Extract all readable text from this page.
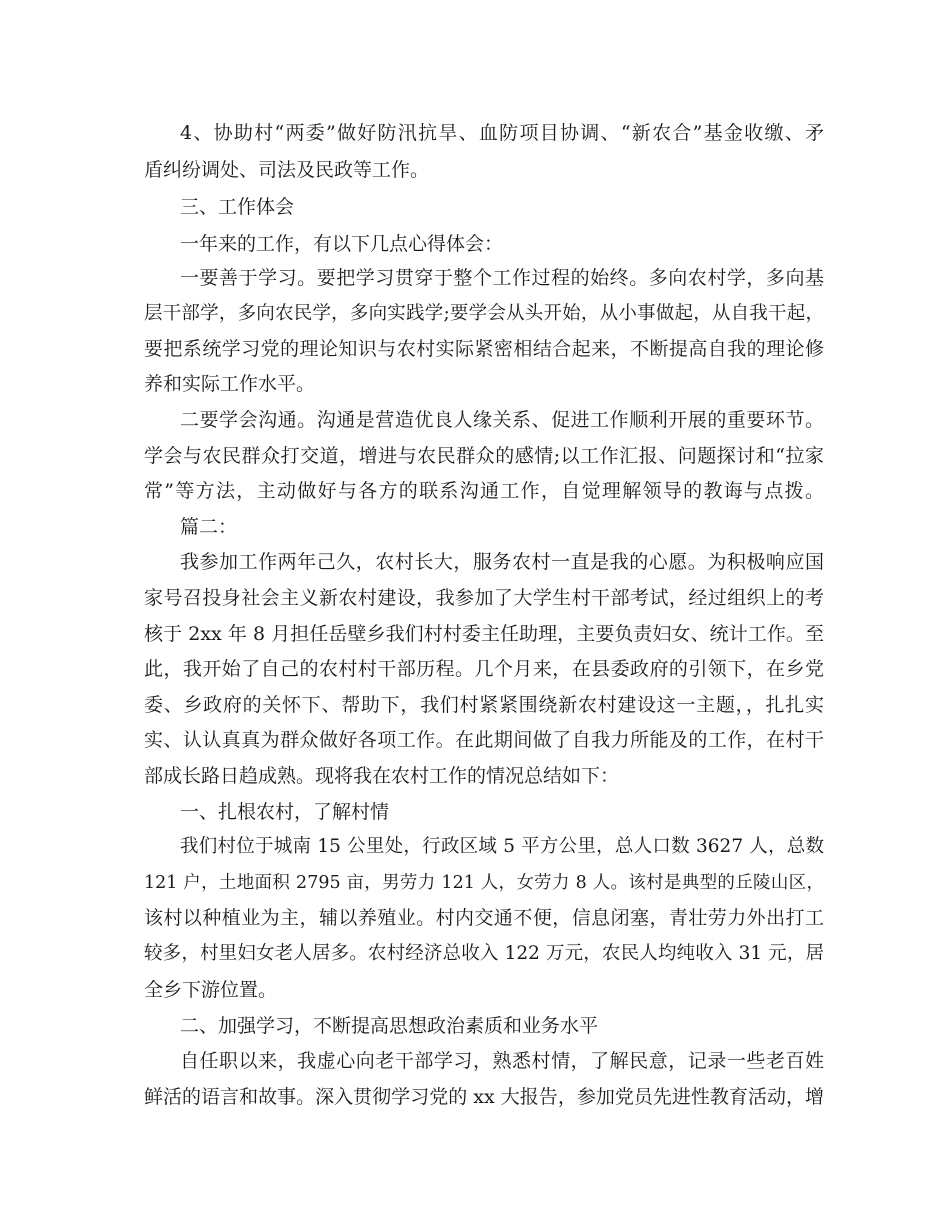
4、协助村“两委”做好防汛抗旱、血防项目协调、“新农合”基金收缴、矛
盾纠纷调处、司法及民政等工作。
三、工作体会
一年来的工作，有以下几点心得体会：
一要善于学习。要把学习贯穿于整个工作过程的始终。多向农村学，多向基
层干部学，多向农民学，多向实践学;要学会从头开始，从小事做起，从自我干起，
要把系统学习党的理论知识与农村实际紧密相结合起来，不断提高自我的理论修
养和实际工作水平。
二要学会沟通。沟通是营造优良人缘关系、促进工作顺利开展的重要环节。
学会与农民群众打交道，增进与农民群众的感情;以工作汇报、问题探讨和“拉家
常”等方法，主动做好与各方的联系沟通工作，自觉理解领导的教诲与点拨。
篇二：
我参加工作两年己久，农村长大，服务农村一直是我的心愿。为积极响应国
家号召投身社会主义新农村建设，我参加了大学生村干部考试，经过组织上的考
核于 2xx 年 8 月担任岳壁乡我们村村委主任助理，主要负责妇女、统计工作。至
此，我开始了自己的农村村干部历程。几个月来，在县委政府的引领下，在乡党
委、乡政府的关怀下、帮助下，我们村紧紧围绕新农村建设这一主题，，扎扎实
实、认认真真为群众做好各项工作。在此期间做了自我力所能及的工作，在村干
部成长路日趋成熟。现将我在农村工作的情况总结如下：
一、扎根农村，了解村情
我们村位于城南 15 公里处，行政区域 5 平方公里，总人口数 3627 人，总数
121 户，土地面积 2795 亩，男劳力 121 人，女劳力 8 人。该村是典型的丘陵山区，
该村以种植业为主，辅以养殖业。村内交通不便，信息闭塞，青壮劳力外出打工
较多，村里妇女老人居多。农村经济总收入 122 万元，农民人均纯收入 31 元，居
全乡下游位置。
二、加强学习，不断提高思想政治素质和业务水平
自任职以来，我虚心向老干部学习，熟悉村情，了解民意，记录一些老百姓
鲜活的语言和故事。深入贯彻学习党的 xx 大报告，参加党员先进性教育活动，增
